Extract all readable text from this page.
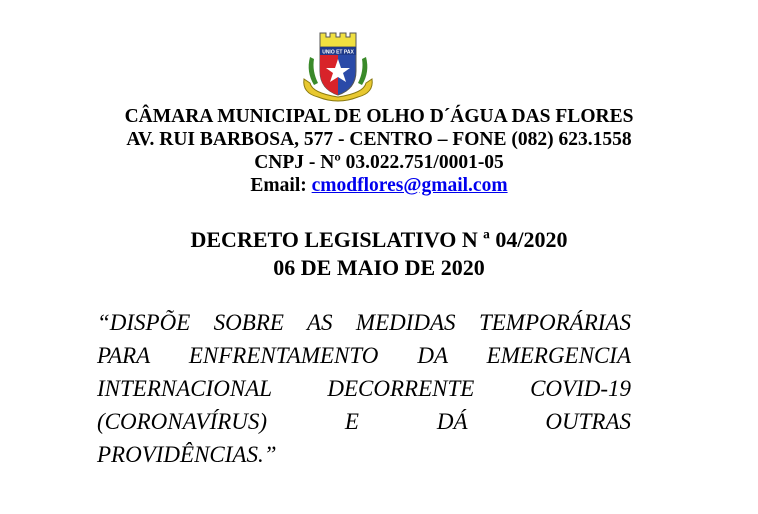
UNIO ET PAX
CÂMARA MUNICIPAL DE OLHO D´ÁGUA DAS FLORES
AV. RUI BARBOSA, 577 - CENTRO – FONE (082) 623.1558
CNPJ - Nº 03.022.751/0001-05
Email: cmodflores@gmail.com
DECRETO LEGISLATIVO N ª 04/2020
06 DE MAIO DE 2020
“DISPÕE SOBRE AS MEDIDAS TEMPORÁRIAS
PARA ENFRENTAMENTO DA EMERGENCIA
INTERNACIONAL DECORRENTE COVID-19
(CORONAVÍRUS) E DÁ OUTRAS
PROVIDÊNCIAS.”
